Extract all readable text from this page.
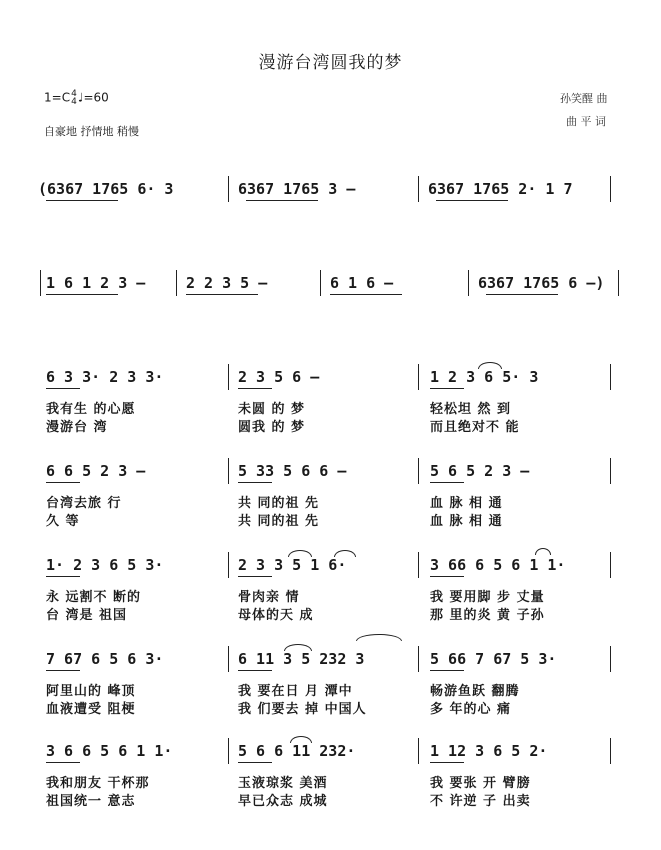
漫游台湾圆我的梦
1=C4
4♩=60
自豪地 抒情地 稍慢
孙笑醒 曲
曲 平 词
(6367 1765 6· 3	6367 1765 3 –	6367 1765 2· 1 7
1 6 1 2 3 –	2 2 3 5 –	6 1 6 –	6367 1765 6 –)
6 3 3· 2 3 3·	2 3 5 6 –	1 2 3 6 5· 3
我有生 的心愿	未圆 的 梦	轻松坦 然 到
漫游台 湾	圆我 的 梦	而且绝对不 能
6 6 5 2 3 –	5 33 5 6 6 –	5 6 5 2 3 –
台湾去旅 行	共 同的祖 先	血 脉 相 通
久 等	共 同的祖 先	血 脉 相 通
1· 2 3 6 5 3·	2 3 3 5 1 6·	3 66 6 5 6 1 1·
永 远割不 断的	骨肉亲 情	我 要用脚 步 丈量
台 湾是 祖国	母体的天 成	那 里的炎 黄 子孙
7 67 6 5 6 3·	6 11 3 5 232 3	5 66 7 67 5 3·
阿里山的 峰顶	我 要在日 月 潭中	畅游鱼跃 翻腾
血液遭受 阻梗	我 们要去 掉 中国人	多 年的心 痛
3 6 6 5 6 1 1·	5 6 6 11 232·	1 12 3 6 5 2·
我和朋友 干杯那	玉液琼浆 美酒	我 要张 开 臂膀
祖国统一 意志	早已众志 成城	不 许逆 子 出卖
